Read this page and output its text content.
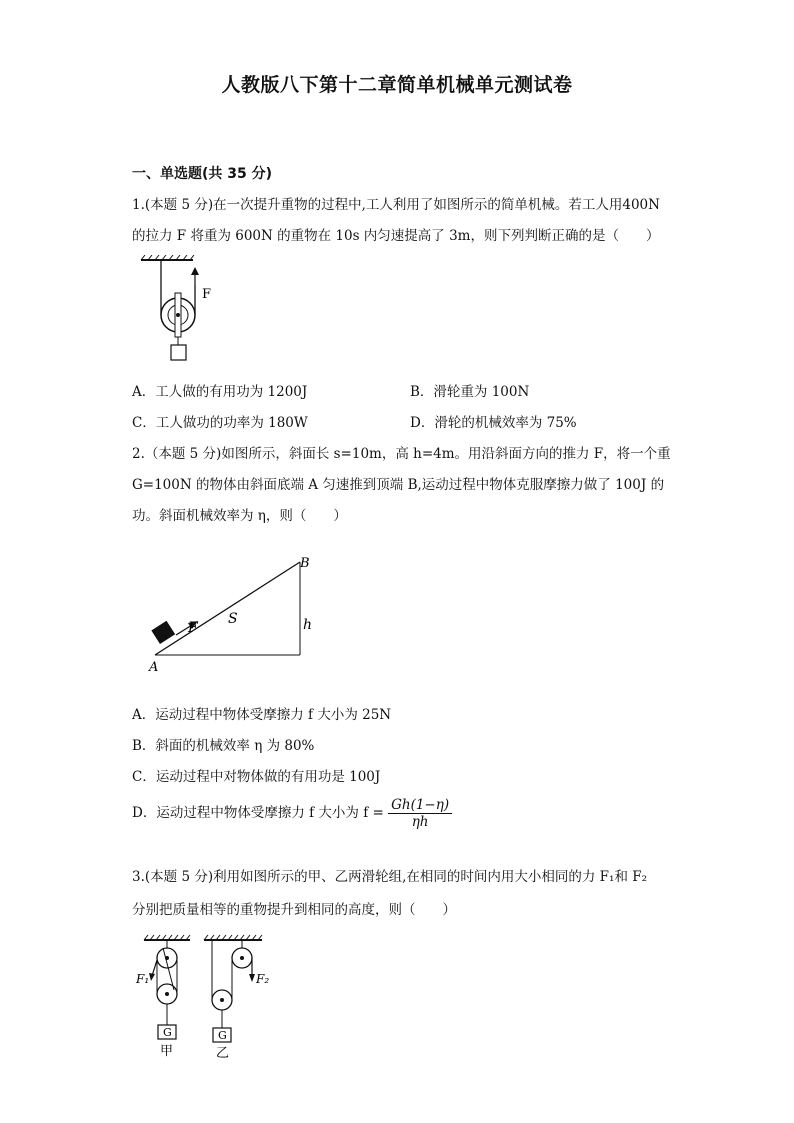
人教版八下第十二章简单机械单元测试卷
一、单选题(共 35 分)
1.(本题 5 分)在一次提升重物的过程中,工人利用了如图所示的简单机械。若工人用400N
的拉力 F 将重为 600N 的重物在 10s 内匀速提高了 3m，则下列判断正确的是（　　）
F
A．工人做的有用功为 1200J	B．滑轮重为 100N
C．工人做功的功率为 180W	D．滑轮的机械效率为 75%
2.（本题 5 分)如图所示，斜面长 s=10m，高 h=4m。用沿斜面方向的推力 F，将一个重
G=100N 的物体由斜面底端 A 匀速推到顶端 B,运动过程中物体克服摩擦力做了 100J 的
功。斜面机械效率为 η，则（　　）
F
S	h
B
A
A．运动过程中物体受摩擦力 f 大小为 25N
B．斜面的机械效率 η 为 80%
C．运动过程中对物体做的有用功是 100J
D．运动过程中物体受摩擦力 f 大小为 $f = \frac{Gh(1-\eta)}{\eta h}$
3.(本题 5 分)利用如图所示的甲、乙两滑轮组,在相同的时间内用大小相同的力 F₁和 F₂
分别把质量相等的重物提升到相同的高度，则（　　）
G
F₁
甲
G
F₂
乙
